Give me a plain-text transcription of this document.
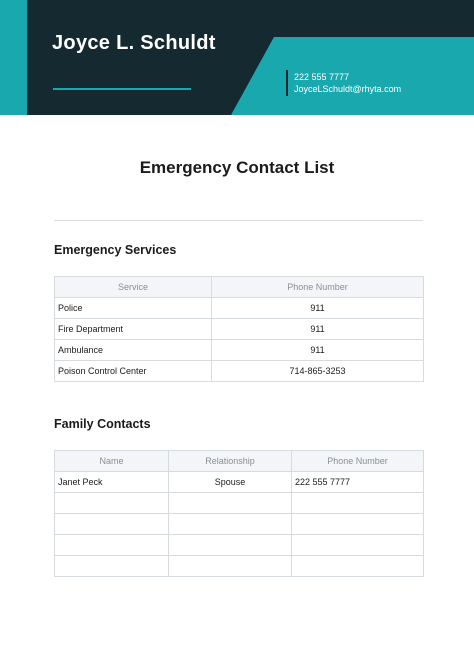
Joyce L. Schuldt
222 555 7777
JoyceLSchuldt@rhyta.com
Emergency Contact List
Emergency Services
Service	Phone Number
Police	911
Fire Department	911
Ambulance	911
Poison Control Center	714-865-3253
Family Contacts
Name	Relationship	Phone Number
Janet Peck	Spouse	222 555 7777
